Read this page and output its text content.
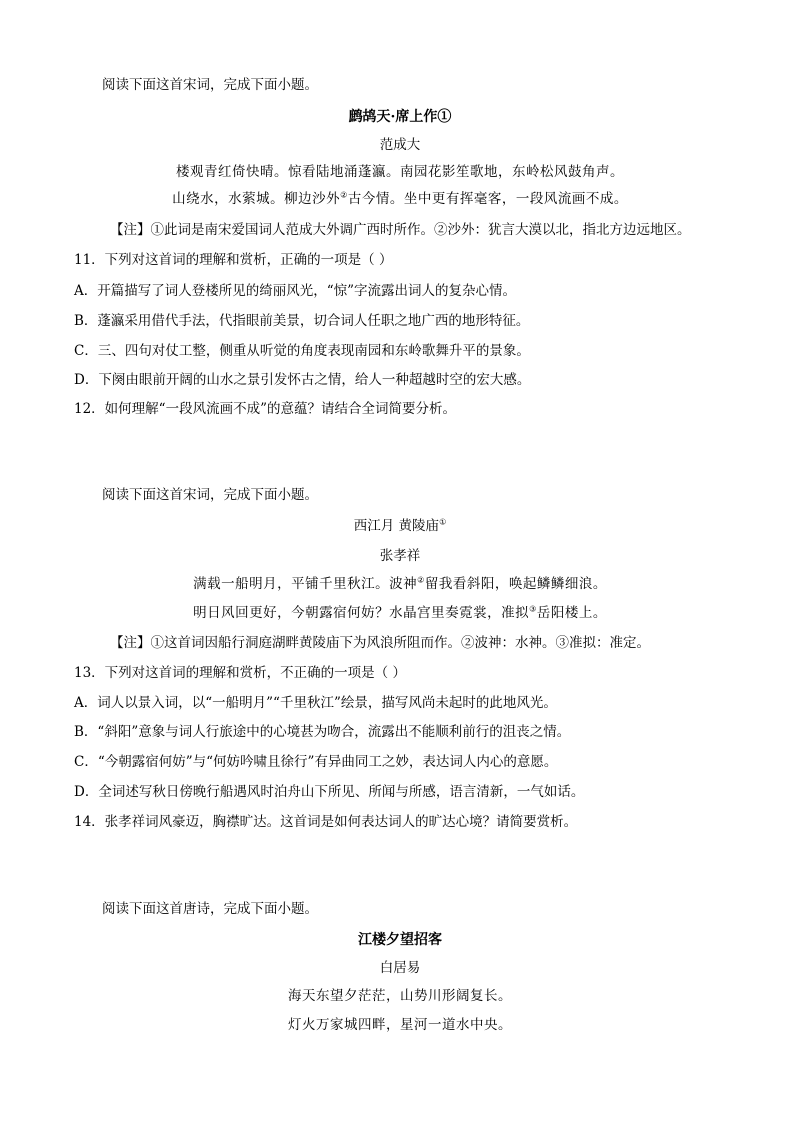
阅读下面这首宋词，完成下面小题。
鹧鸪天·席上作①
范成大
楼观青红倚快晴。惊看陆地涌蓬瀛。南园花影笙歌地，东岭松风鼓角声。
山绕水，水萦城。柳边沙外②古今情。坐中更有挥毫客，一段风流画不成。
【注】①此词是南宋爱国词人范成大外调广西时所作。②沙外：犹言大漠以北，指北方边远地区。
11．下列对这首词的理解和赏析，正确的一项是（ ）
A．开篇描写了词人登楼所见的绮丽风光，“惊”字流露出词人的复杂心情。
B．蓬瀛采用借代手法，代指眼前美景，切合词人任职之地广西的地形特征。
C．三、四句对仗工整，侧重从听觉的角度表现南园和东岭歌舞升平的景象。
D．下阕由眼前开阔的山水之景引发怀古之情，给人一种超越时空的宏大感。
12．如何理解“一段风流画不成”的意蕴？请结合全词简要分析。
阅读下面这首宋词，完成下面小题。
西江月 黄陵庙①
张孝祥
满载一船明月，平铺千里秋江。波神②留我看斜阳，唤起鳞鳞细浪。
明日风回更好，今朝露宿何妨？水晶宫里奏霓裳，准拟③岳阳楼上。
【注】①这首词因船行洞庭湖畔黄陵庙下为风浪所阻而作。②波神：水神。③准拟：准定。
13．下列对这首词的理解和赏析，不正确的一项是（ ）
A．词人以景入词，以“一船明月”“千里秋江”绘景，描写风尚未起时的此地风光。
B．“斜阳”意象与词人行旅途中的心境甚为吻合，流露出不能顺利前行的沮丧之情。
C．“今朝露宿何妨”与“何妨吟啸且徐行”有异曲同工之妙，表达词人内心的意愿。
D．全词述写秋日傍晚行船遇风时泊舟山下所见、所闻与所感，语言清新，一气如话。
14．张孝祥词风豪迈，胸襟旷达。这首词是如何表达词人的旷达心境？请简要赏析。
阅读下面这首唐诗，完成下面小题。
江楼夕望招客
白居易
海天东望夕茫茫，山势川形阔复长。
灯火万家城四畔，星河一道水中央。
